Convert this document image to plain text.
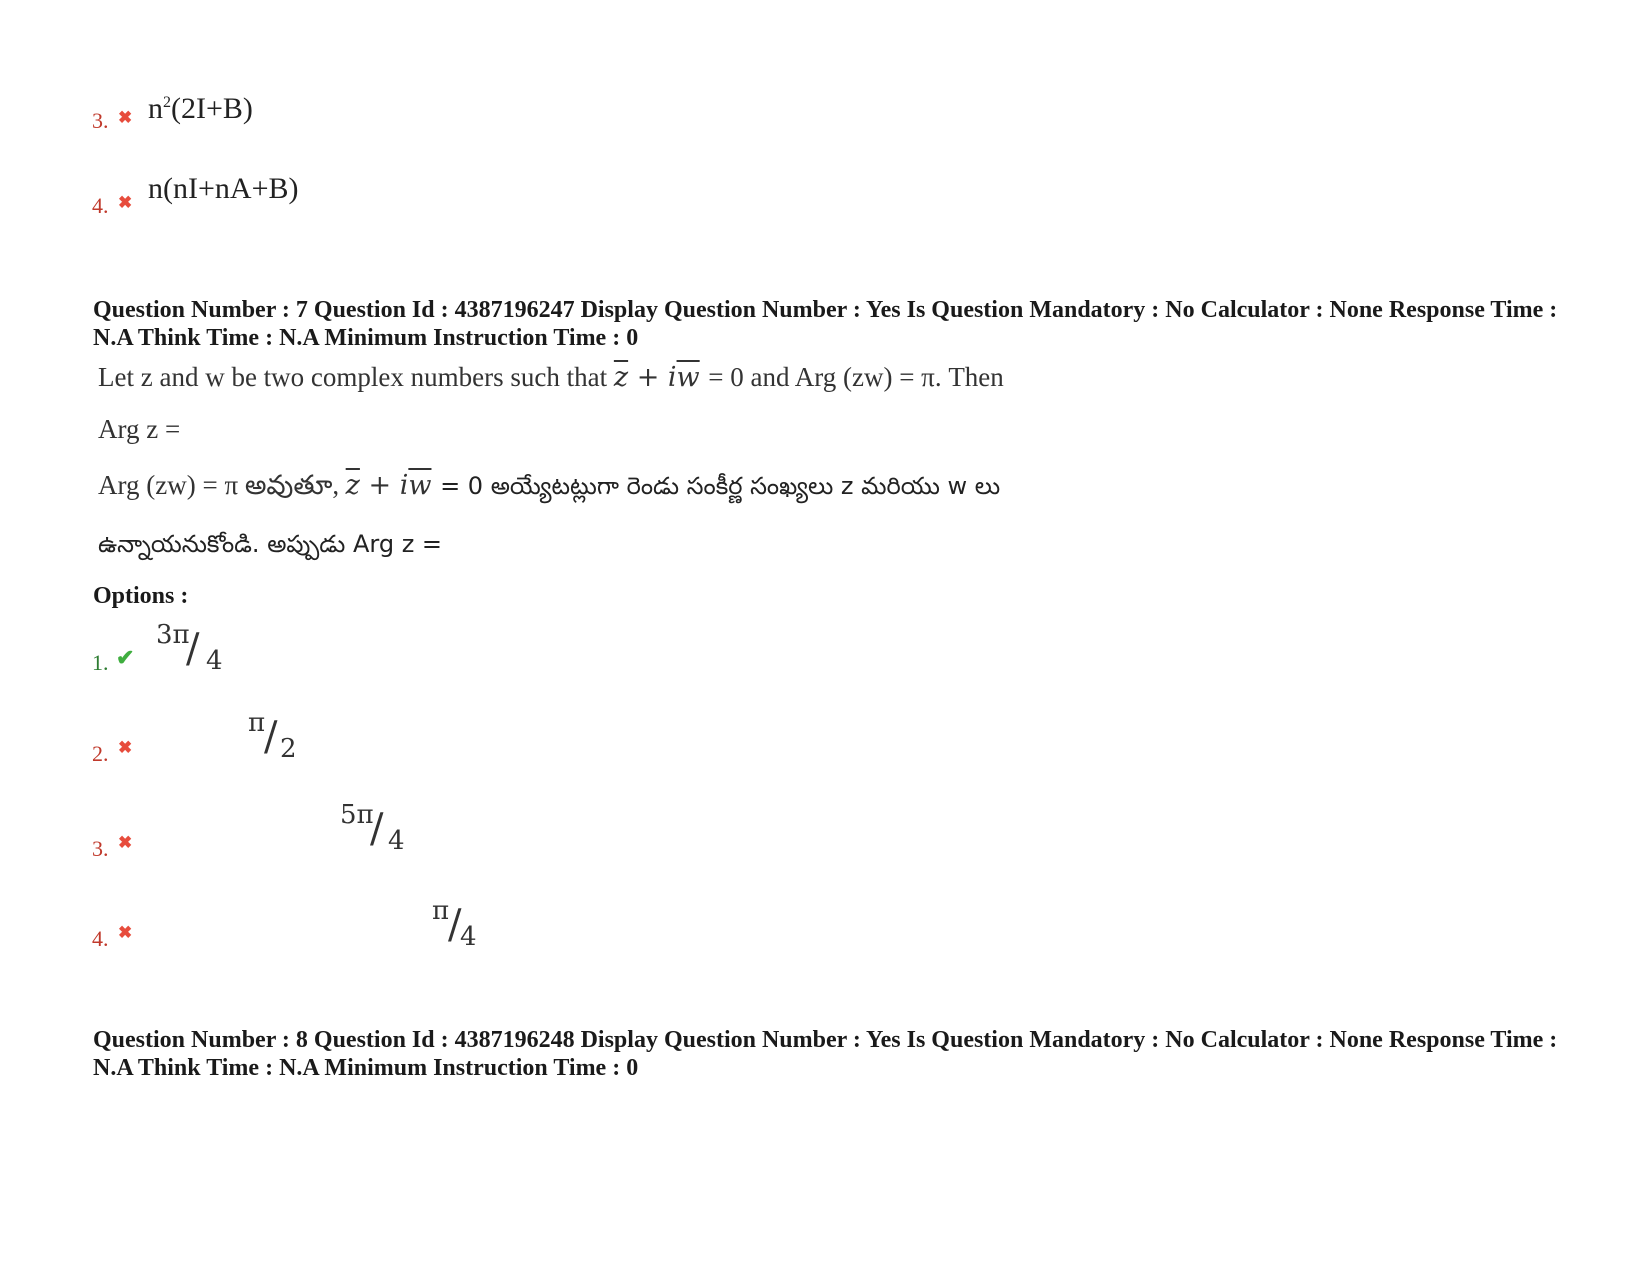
3. ✖ $n^2(2I+B)$
4. ✖ n(nI+nA+B)
Question Number : 7 Question Id : 4387196247 Display Question Number : Yes Is Question Mandatory : No Calculator : None Response Time : N.A Think Time : N.A Minimum Instruction Time : 0
Let z and w be two complex numbers such that $\overline{z} + i\overline{w} = 0$ and Arg (zw) = π. Then
Arg z =
Arg (zw) = π అవుతూ, $\overline{z} + i\overline{w} = 0$ అయ్యేటట్లుగా రెండు సంకీర్ణ సంఖ్యలు z మరియు w లు
ఉన్నాయనుకోండి. అప్పుడు Arg z =
Options :
1. ✔
3π
/ 4

2. ✖
π
/ 2

3. ✖
5π
/ 4

4. ✖
π
/
4
Question Number : 8 Question Id : 4387196248 Display Question Number : Yes Is Question Mandatory : No Calculator : None Response Time : N.A Think Time : N.A Minimum Instruction Time : 0
